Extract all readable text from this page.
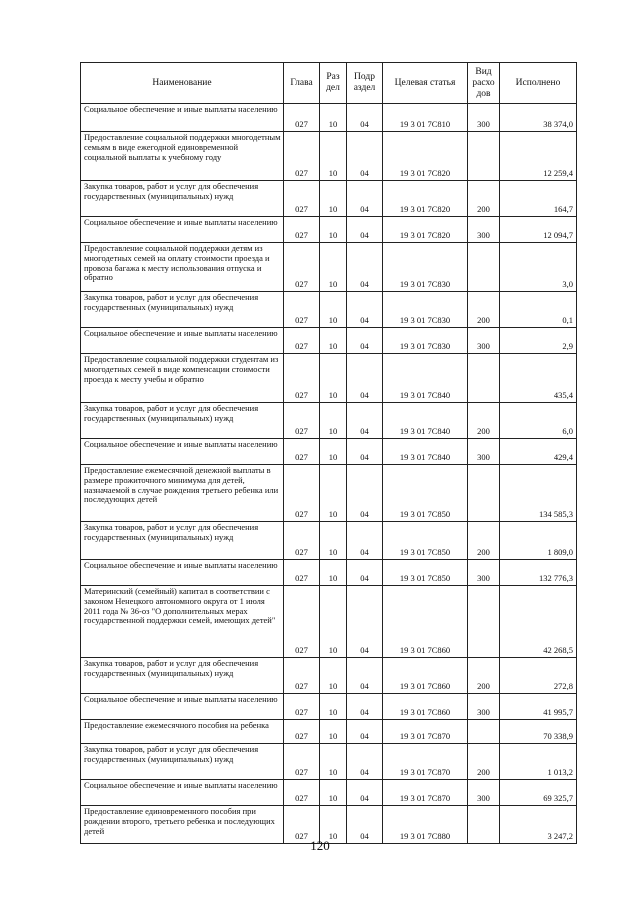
Наименование	Глава	Раз дел	Подр аздел	Целевая статья	Вид расхо дов	Исполнено
Социальное обеспечение и иные выплаты населению	027	10	04	19 3 01 7С810	300	38 374,0
Предоставление социальной поддержки многодетным семьям в виде ежегодной единовременной социальной выплаты к учебному году	027	10	04	19 3 01 7С820		12 259,4
Закупка товаров, работ и услуг для обеспечения государственных (муниципальных) нужд	027	10	04	19 3 01 7С820	200	164,7
Социальное обеспечение и иные выплаты населению	027	10	04	19 3 01 7С820	300	12 094,7
Предоставление социальной поддержки детям из многодетных семей на оплату стоимости проезда и провоза багажа к месту использования отпуска и обратно	027	10	04	19 3 01 7С830		3,0
Закупка товаров, работ и услуг для обеспечения государственных (муниципальных) нужд	027	10	04	19 3 01 7С830	200	0,1
Социальное обеспечение и иные выплаты населению	027	10	04	19 3 01 7С830	300	2,9
Предоставление социальной поддержки студентам из многодетных семей в виде компенсации стоимости проезда к месту учебы и обратно	027	10	04	19 3 01 7С840		435,4
Закупка товаров, работ и услуг для обеспечения государственных (муниципальных) нужд	027	10	04	19 3 01 7С840	200	6,0
Социальное обеспечение и иные выплаты населению	027	10	04	19 3 01 7С840	300	429,4
Предоставление ежемесячной денежной выплаты в размере прожиточного минимума для детей, назначаемой в случае рождения третьего ребенка или последующих детей	027	10	04	19 3 01 7С850		134 585,3
Закупка товаров, работ и услуг для обеспечения государственных (муниципальных) нужд	027	10	04	19 3 01 7С850	200	1 809,0
Социальное обеспечение и иные выплаты населению	027	10	04	19 3 01 7С850	300	132 776,3
Материнский (семейный) капитал в соответствии с законом Ненецкого автономного округа от 1 июля 2011 года № 36-оз "О дополнительных мерах государственной поддержки семей, имеющих детей"	027	10	04	19 3 01 7С860		42 268,5
Закупка товаров, работ и услуг для обеспечения государственных (муниципальных) нужд	027	10	04	19 3 01 7С860	200	272,8
Социальное обеспечение и иные выплаты населению	027	10	04	19 3 01 7С860	300	41 995,7
Предоставление ежемесячного пособия на ребенка	027	10	04	19 3 01 7С870		70 338,9
Закупка товаров, работ и услуг для обеспечения государственных (муниципальных) нужд	027	10	04	19 3 01 7С870	200	1 013,2
Социальное обеспечение и иные выплаты населению	027	10	04	19 3 01 7С870	300	69 325,7
Предоставление единовременного пособия при рождении второго, третьего ребенка и последующих детей	027	10	04	19 3 01 7С880		3 247,2
120
